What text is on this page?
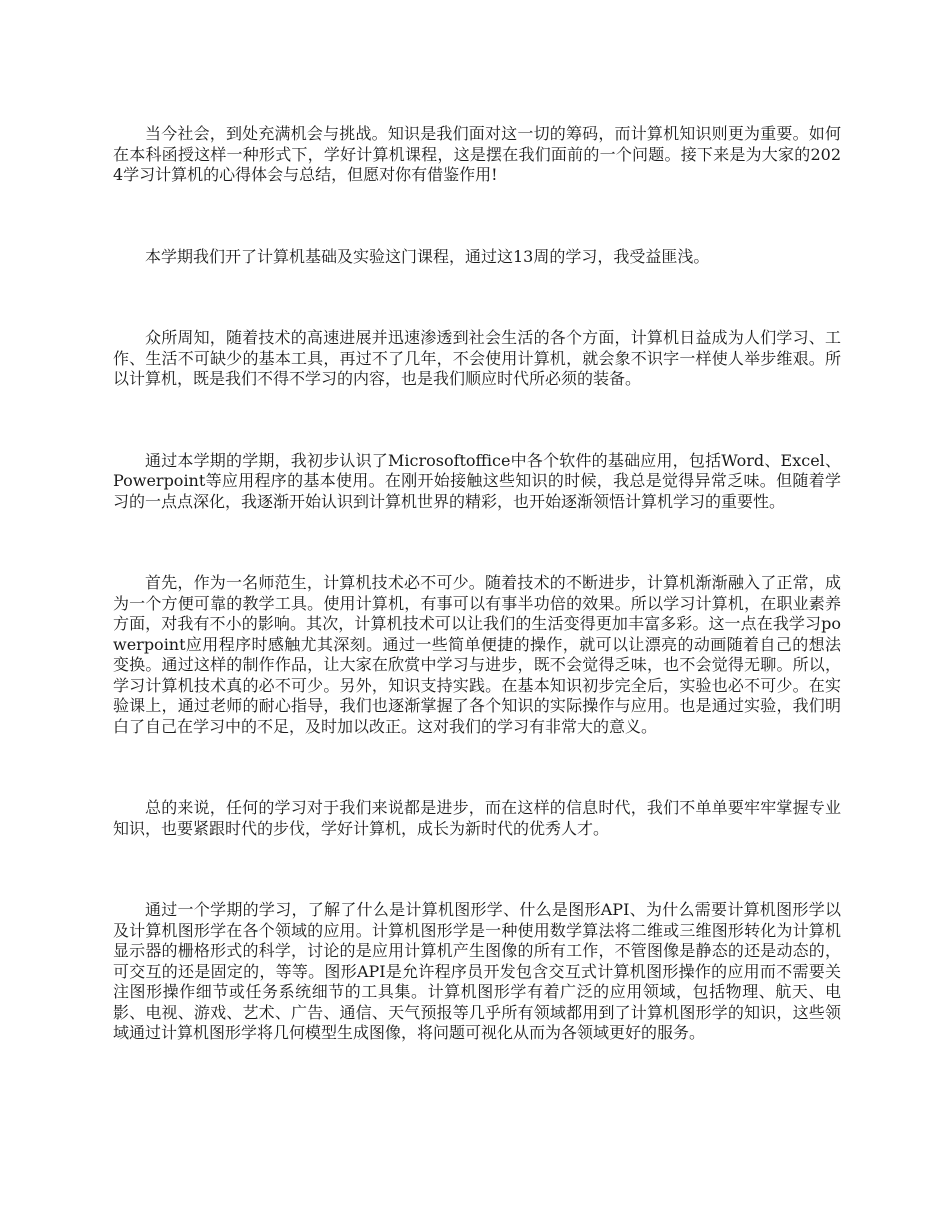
当今社会，到处充满机会与挑战。知识是我们面对这一切的筹码，而计算机知识则更为重要。如何在本科函授这样一种形式下，学好计算机课程，这是摆在我们面前的一个问题。接下来是为大家的2024学习计算机的心得体会与总结，但愿对你有借鉴作用!

本学期我们开了计算机基础及实验这门课程，通过这13周的学习，我受益匪浅。

众所周知，随着技术的高速进展并迅速渗透到社会生活的各个方面，计算机日益成为人们学习、工作、生活不可缺少的基本工具，再过不了几年，不会使用计算机，就会象不识字一样使人举步维艰。所以计算机，既是我们不得不学习的内容，也是我们顺应时代所必须的装备。

通过本学期的学期，我初步认识了Microsoftoffice中各个软件的基础应用，包括Word、Excel、Powerpoint等应用程序的基本使用。在刚开始接触这些知识的时候，我总是觉得异常乏味。但随着学习的一点点深化，我逐渐开始认识到计算机世界的精彩，也开始逐渐领悟计算机学习的重要性。

首先，作为一名师范生，计算机技术必不可少。随着技术的不断进步，计算机渐渐融入了正常，成为一个方便可靠的教学工具。使用计算机，有事可以有事半功倍的效果。所以学习计算机，在职业素养方面，对我有不小的影响。其次，计算机技术可以让我们的生活变得更加丰富多彩。这一点在我学习powerpoint应用程序时感触尤其深刻。通过一些简单便捷的操作，就可以让漂亮的动画随着自己的想法变换。通过这样的制作作品，让大家在欣赏中学习与进步，既不会觉得乏味，也不会觉得无聊。所以，学习计算机技术真的必不可少。另外，知识支持实践。在基本知识初步完全后，实验也必不可少。在实验课上，通过老师的耐心指导，我们也逐渐掌握了各个知识的实际操作与应用。也是通过实验，我们明白了自己在学习中的不足，及时加以改正。这对我们的学习有非常大的意义。

总的来说，任何的学习对于我们来说都是进步，而在这样的信息时代，我们不单单要牢牢掌握专业知识，也要紧跟时代的步伐，学好计算机，成长为新时代的优秀人才。

通过一个学期的学习，了解了什么是计算机图形学、什么是图形API、为什么需要计算机图形学以及计算机图形学在各个领域的应用。计算机图形学是一种使用数学算法将二维或三维图形转化为计算机显示器的栅格形式的科学，讨论的是应用计算机产生图像的所有工作，不管图像是静态的还是动态的，可交互的还是固定的，等等。图形API是允许程序员开发包含交互式计算机图形操作的应用而不需要关注图形操作细节或任务系统细节的工具集。计算机图形学有着广泛的应用领域，包括物理、航天、电影、电视、游戏、艺术、广告、通信、天气预报等几乎所有领域都用到了计算机图形学的知识，这些领域通过计算机图形学将几何模型生成图像，将问题可视化从而为各领域更好的服务。
